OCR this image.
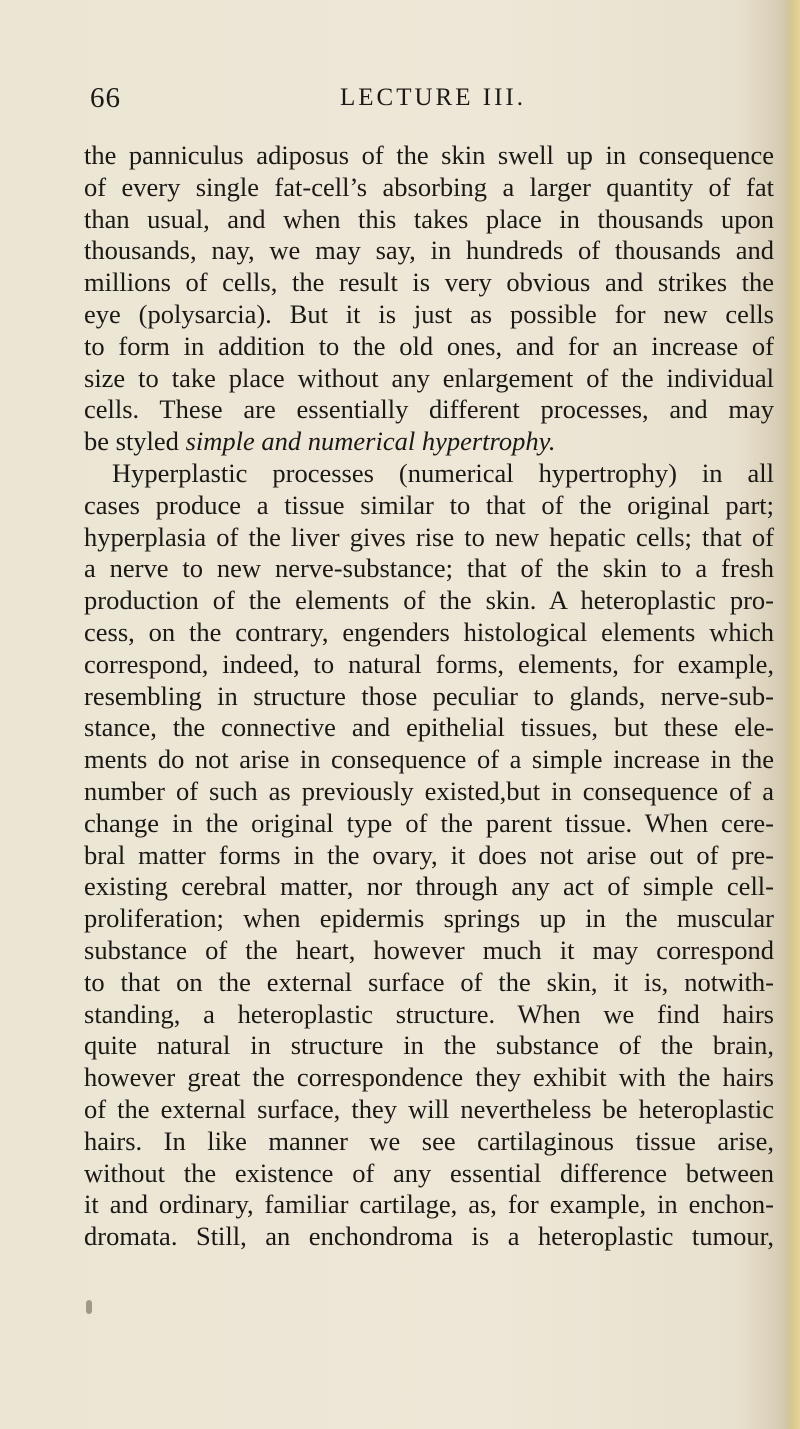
66	LECTURE III.
the panniculus adiposus of the skin swell up in consequence
of every single fat-cell’s absorbing a larger quantity of fat
than usual, and when this takes place in thousands upon
thousands, nay, we may say, in hundreds of thousands and
millions of cells, the result is very obvious and strikes the
eye (polysarcia). But it is just as possible for new cells
to form in addition to the old ones, and for an increase of
size to take place without any enlargement of the individual
cells. These are essentially different processes, and may
be styled simple and numerical hypertrophy.
Hyperplastic processes (numerical hypertrophy) in all
cases produce a tissue similar to that of the original part;
hyperplasia of the liver gives rise to new hepatic cells; that of
a nerve to new nerve-substance; that of the skin to a fresh
production of the elements of the skin. A heteroplastic pro-
cess, on the contrary, engenders histological elements which
correspond, indeed, to natural forms, elements, for example,
resembling in structure those peculiar to glands, nerve-sub-
stance, the connective and epithelial tissues, but these ele-
ments do not arise in consequence of a simple increase in the
number of such as previously existed,but in consequence of a
change in the original type of the parent tissue. When cere-
bral matter forms in the ovary, it does not arise out of pre-
existing cerebral matter, nor through any act of simple cell-
proliferation; when epidermis springs up in the muscular
substance of the heart, however much it may correspond
to that on the external surface of the skin, it is, notwith-
standing, a heteroplastic structure. When we find hairs
quite natural in structure in the substance of the brain,
however great the correspondence they exhibit with the hairs
of the external surface, they will nevertheless be heteroplastic
hairs. In like manner we see cartilaginous tissue arise,
without the existence of any essential difference between
it and ordinary, familiar cartilage, as, for example, in enchon-
dromata. Still, an enchondroma is a heteroplastic tumour,
